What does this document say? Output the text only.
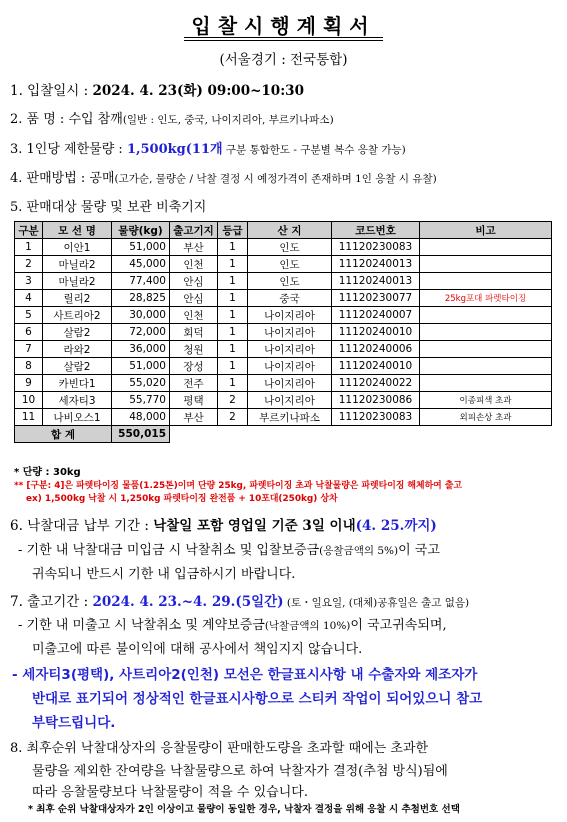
입찰시행계획서
(서울경기 : 전국통합)
1. 입찰일시 : 2024. 4. 23(화) 09:00~10:30
2. 품 명 : 수입 참깨(일반 : 인도, 중국, 나이지리아, 부르키나파소)
3. 1인당 제한물량 : 1,500kg(11개 구분 통합한도 - 구분별 복수 응찰 가능)
4. 판매방법 : 공매(고가순, 물량순 / 낙찰 결정 시 예정가격이 존재하며 1인 응찰 시 유찰)
5. 판매대상 물량 및 보관 비축기지
구분	모 선 명	물량(kg)	출고기지	등급	산 지	코드번호	비고
1	이안1	51,000	부산	1	인도	11120230083	
2	마닐라2	45,000	인천	1	인도	11120240013	
3	마닐라2	77,400	안심	1	인도	11120240013	
4	릴리2	28,825	안심	1	중국	11120230077	25kg포대 파렛타이징
5	사트리아2	30,000	인천	1	나이지리아	11120240007	
6	살람2	72,000	회덕	1	나이지리아	11120240010	
7	라와2	36,000	청원	1	나이지리아	11120240006	
8	살람2	51,000	장성	1	나이지리아	11120240010	
9	카빈다1	55,020	전주	1	나이지리아	11120240022	
10	세자티3	55,770	평택	2	나이지리아	11120230086	이종피색 초과
11	나비오스1	48,000	부산	2	부르키나파소	11120230083	외피손상 초과
합 계		550,015					
* 단량 : 30kg
** [구분: 4]은 파렛타이징 물품(1.25톤)이며 단량 25kg, 파렛타이징 초과 낙찰물량은 파렛타이징 해체하여 출고
ex) 1,500kg 낙찰 시 1,250kg 파렛타이징 완전품 + 10포대(250kg) 상차
6. 낙찰대금 납부 기간 : 낙찰일 포함 영업일 기준 3일 이내(4. 25.까지)
- 기한 내 낙찰대금 미입금 시 낙찰취소 및 입찰보증금(응찰금액의 5%)이 국고
귀속되니 반드시 기한 내 입금하시기 바랍니다.
7. 출고기간 : 2024. 4. 23.~4. 29.(5일간) (토・일요일, (대체)공휴일은 출고 없음)
- 기한 내 미출고 시 낙찰취소 및 계약보증금(낙찰금액의 10%)이 국고귀속되며,
미출고에 따른 불이익에 대해 공사에서 책임지지 않습니다.
- 세자티3(평택), 사트리아2(인천) 모선은 한글표시사항 내 수출자와 제조자가
반대로 표기되어 정상적인 한글표시사항으로 스티커 작업이 되어있으니 참고
부탁드립니다.
8. 최후순위 낙찰대상자의 응찰물량이 판매한도량을 초과할 때에는 초과한
물량을 제외한 잔여량을 낙찰물량으로 하여 낙찰자가 결정(추첨 방식)됨에
따라 응찰물량보다 낙찰물량이 적을 수 있습니다.
* 최후 순위 낙찰대상자가 2인 이상이고 물량이 동일한 경우, 낙찰자 결정을 위해 응찰 시 추첨번호 선택
